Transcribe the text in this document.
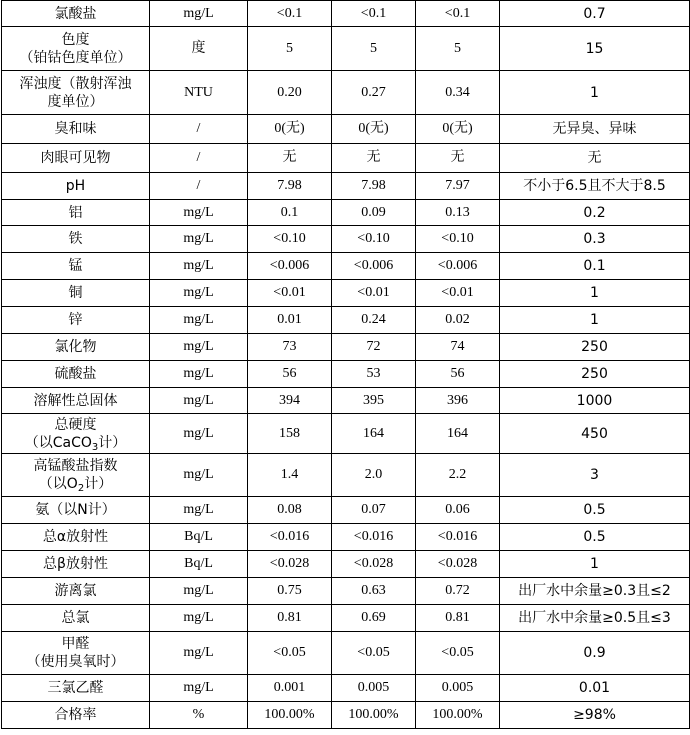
氯酸盐	mg/L	<0.1	<0.1	<0.1	0.7

色度
（铂钴色度单位）	度	5	5	5	15

浑浊度（散射浑浊
度单位）	NTU	0.20	0.27	0.34	1
臭和味	/	0(无)	0(无)	0(无)	无异臭、异味
肉眼可见物	/	无	无	无	无
pH	/	7.98	7.98	7.97	不小于6.5且不大于8.5
铝	mg/L	0.1	0.09	0.13	0.2
铁	mg/L	<0.10	<0.10	<0.10	0.3
锰	mg/L	<0.006	<0.006	<0.006	0.1
铜	mg/L	<0.01	<0.01	<0.01	1
锌	mg/L	0.01	0.24	0.02	1
氯化物	mg/L	73	72	74	250
硫酸盐	mg/L	56	53	56	250
溶解性总固体	mg/L	394	395	396	1000

总硬度
（以CaCO$_3$计）	mg/L	158	164	164	450

高锰酸盐指数
（以$O_2$计）	mg/L	1.4	2.0	2.2	3
氨（以N计）	mg/L	0.08	0.07	0.06	0.5
总α放射性	Bq/L	<0.016	<0.016	<0.016	0.5
总β放射性	Bq/L	<0.028	<0.028	<0.028	1
游离氯	mg/L	0.75	0.63	0.72	出厂水中余量≥0.3且≤2
总氯	mg/L	0.81	0.69	0.81	出厂水中余量≥0.5且≤3

甲醛
（使用臭氧时）	mg/L	<0.05	<0.05	<0.05	0.9
三氯乙醛	mg/L	0.001	0.005	0.005	0.01
合格率	%	100.00%	100.00%	100.00%	≥98%
